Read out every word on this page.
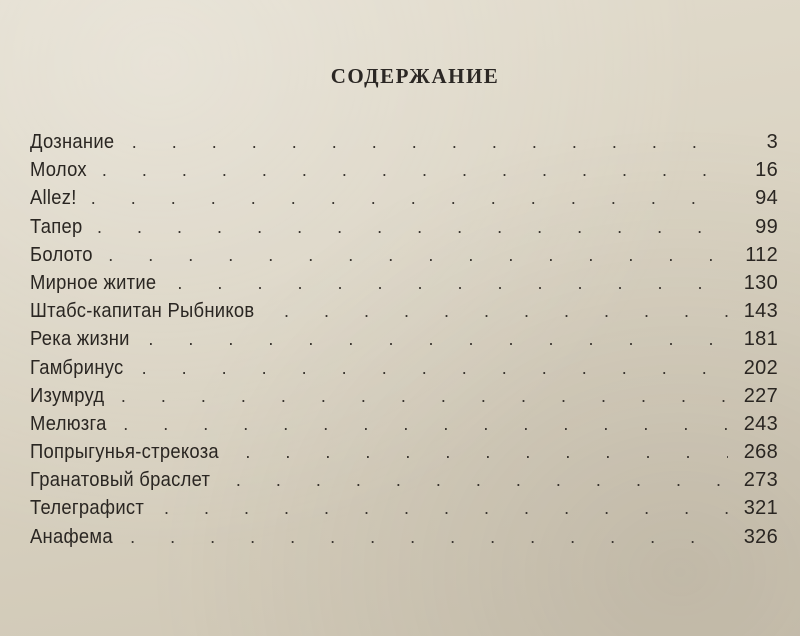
СОДЕРЖАНИЕ
Дознание .	3
Молох .	16
Allez! .	94
Тапер .	99
Болото .	112
Мирное житие .	130
Штабс-капитан Рыбников .	143
Река жизни .	181
Гамбринус .	202
Изумруд .	227
Мелюзга .	243
Попрыгунья-стрекоза .	268
Гранатовый браслет .	273
Телеграфист .	321
Анафема .	326
